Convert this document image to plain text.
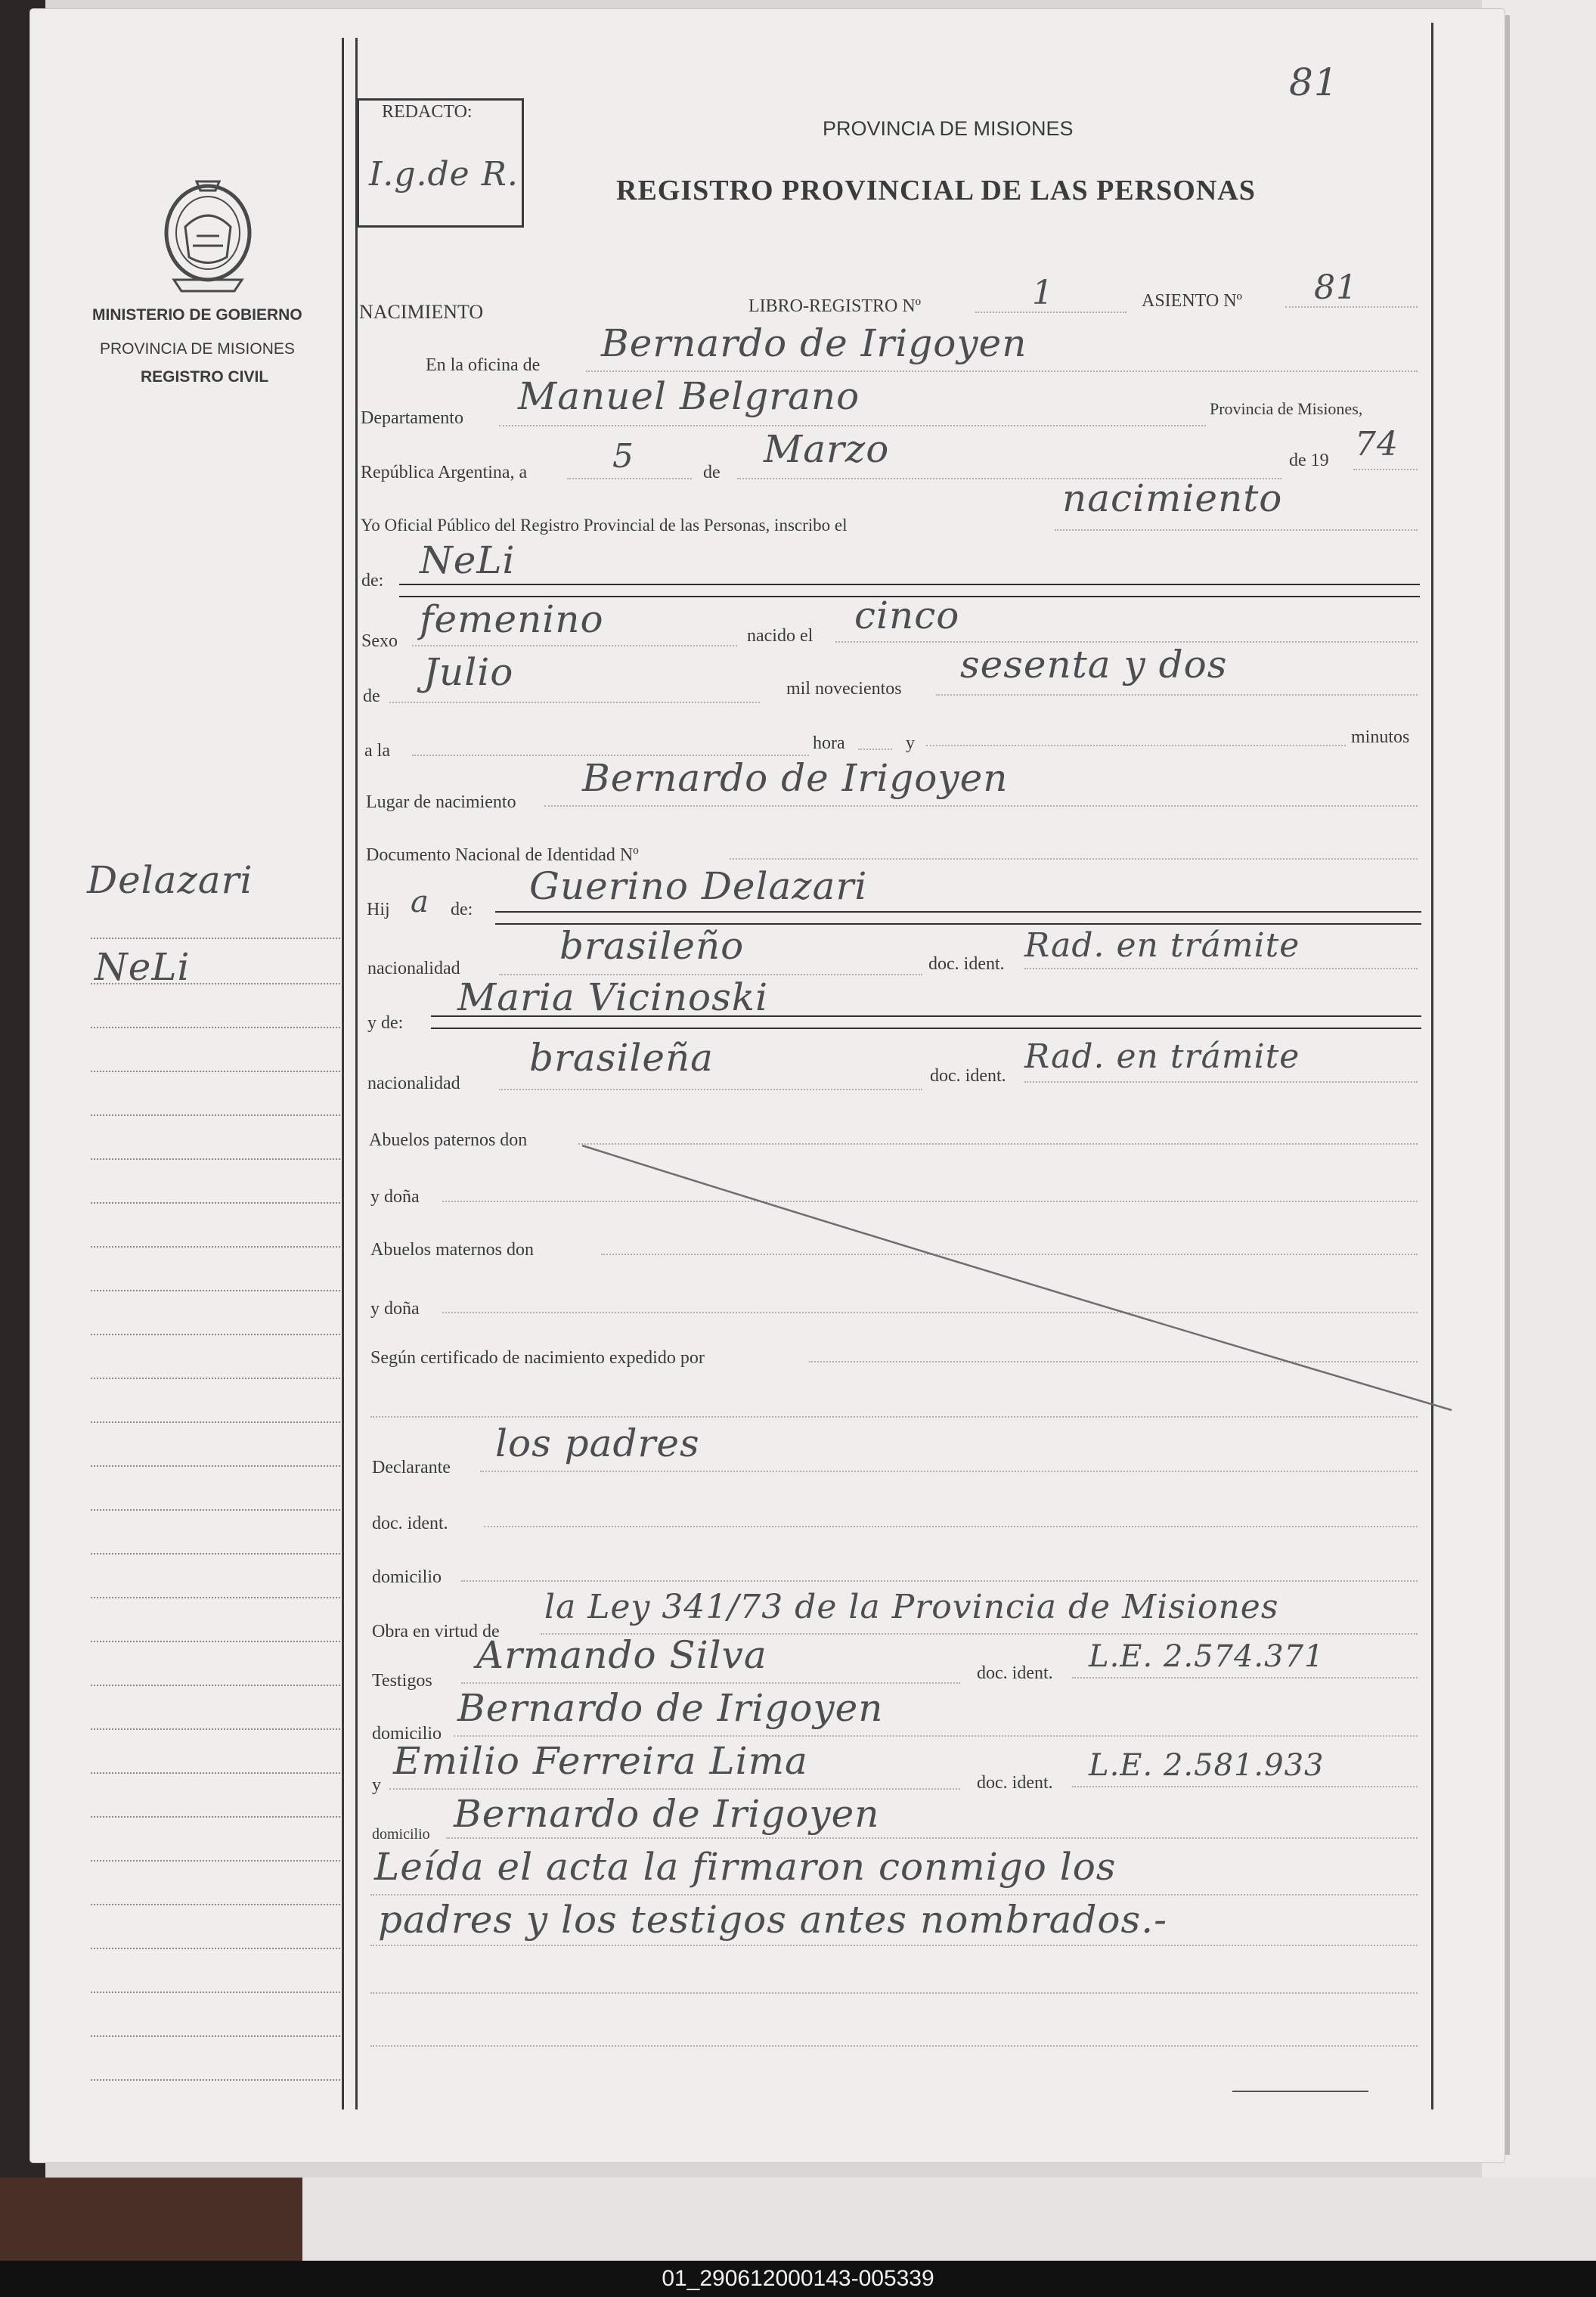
81
REDACTO:
I.g.de R.
PROVINCIA DE MISIONES
REGISTRO PROVINCIAL DE LAS PERSONAS
MINISTERIO DE GOBIERNO
PROVINCIA DE MISIONES
REGISTRO CIVIL
Delazari
NeLi
NACIMIENTO	LIBRO-REGISTRO Nº	1	ASIENTO Nº 81
En la oficina de Bernardo de Irigoyen
Departamento Manuel Belgrano	Provincia de Misiones,
República Argentina, a	5	de
Marzo	de 19 74
Yo Oficial Público del Registro Provincial de las Personas, inscribo el
nacimiento
de: NeLi
Sexo femenino	nacido el cinco
de
Julio	mil novecientos
sesenta y dos
a la	hora	y	minutos
Lugar de nacimiento
Bernardo de Irigoyen
Documento Nacional de Identidad Nº
Hij a de:
Guerino Delazari
nacionalidad
brasileño	doc. ident. Rad. en trámite
y de:
Maria Vicinoski
nacionalidad
brasileña	doc. ident. Rad. en trámite
Abuelos paternos don
y doña
Abuelos maternos don
y doña
Según certificado de nacimiento expedido por
Declarante
los padres
doc. ident.
domicilio
Obra en virtud de
la Ley 341/73 de la Provincia de Misiones
Testigos
Armando Silva	doc. ident. L.E. 2.574.371
domicilio
Bernardo de Irigoyen
y
Emilio Ferreira Lima	doc. ident. L.E. 2.581.933
domicilio Bernardo de Irigoyen
Leída el acta la firmaron conmigo los
padres y los testigos antes nombrados.-
01_290612000143-005339
